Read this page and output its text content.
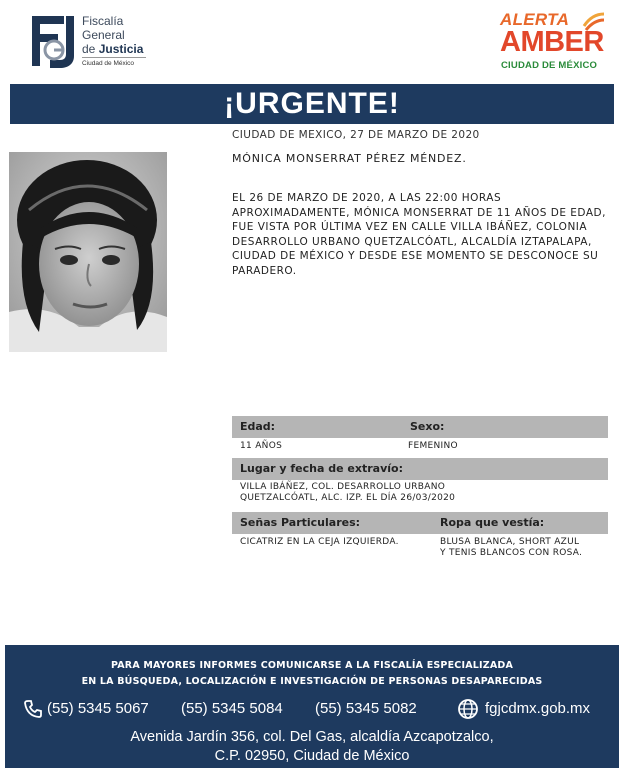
Fiscalía
General
de Justicia
Ciudad de México
ALERTA
AMBER
CIUDAD DE MÉXICO
¡URGENTE!
CIUDAD DE MEXICO, 27 DE MARZO DE 2020
MÓNICA MONSERRAT PÉREZ MÉNDEZ.
EL 26 DE MARZO DE 2020, A LAS 22:00 HORAS APROXIMADAMENTE, MÓNICA MONSERRAT DE 11 AÑOS DE EDAD, FUE VISTA POR ÚLTIMA VEZ EN CALLE VILLA IBÁÑEZ, COLONIA DESARROLLO URBANO QUETZALCÓATL, ALCALDÍA IZTAPALAPA, CIUDAD DE MÉXICO Y DESDE ESE MOMENTO SE DESCONOCE SU PARADERO.
Edad:	Sexo:
11 AÑOS	FEMENINO
Lugar y fecha de extravío:
VILLA IBÁÑEZ, COL. DESARROLLO URBANO
QUETZALCÓATL, ALC. IZP. EL DÍA 26/03/2020
Señas Particulares:	Ropa que vestía:
CICATRIZ EN LA CEJA IZQUIERDA.	BLUSA BLANCA, SHORT AZUL
Y TENIS BLANCOS CON ROSA.
PARA MAYORES INFORMES COMUNICARSE A LA FISCALÍA ESPECIALIZADA
EN LA BÚSQUEDA, LOCALIZACIÓN E INVESTIGACIÓN DE PERSONAS DESAPARECIDAS
(55) 5345 5067 (55) 5345 5084 (55) 5345 5082	fgjcdmx.gob.mx
Avenida Jardín 356, col. Del Gas, alcaldía Azcapotzalco,
C.P. 02950, Ciudad de México
